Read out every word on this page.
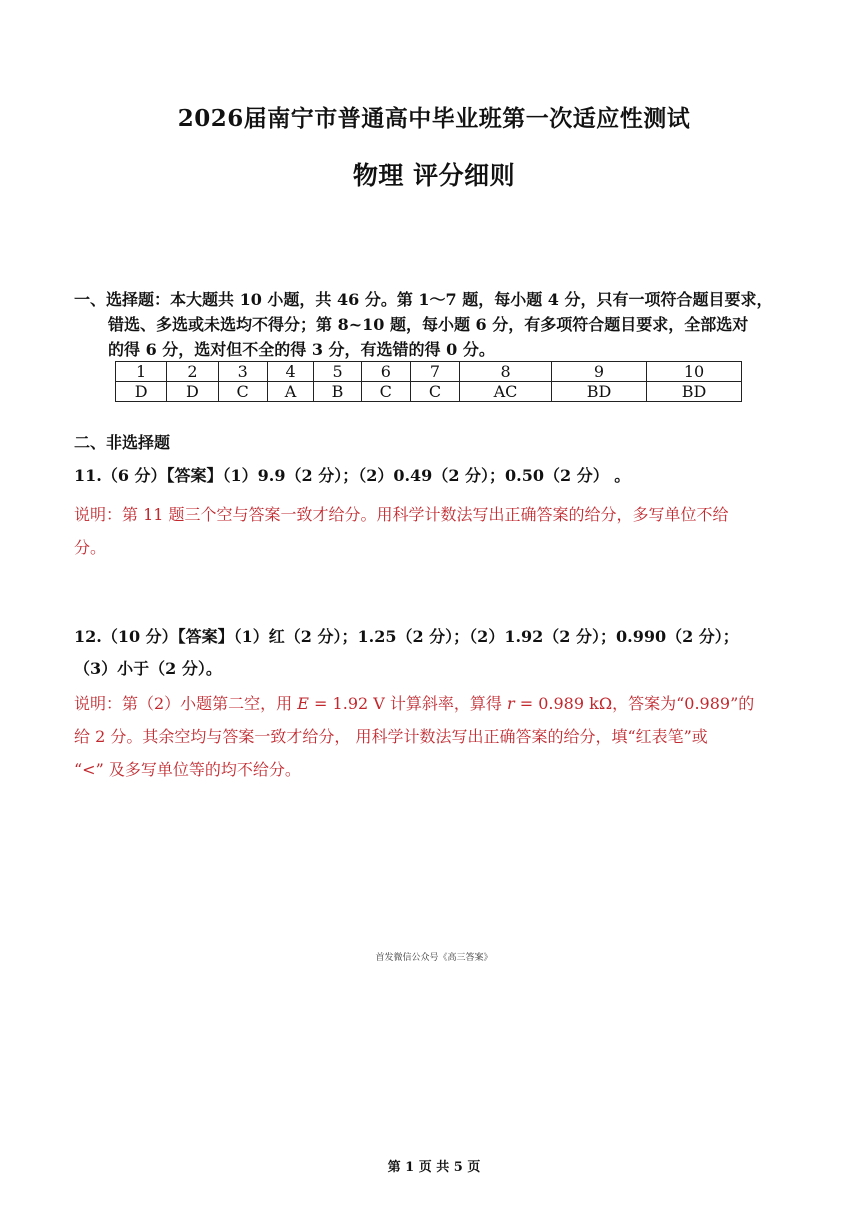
2026届南宁市普通高中毕业班第一次适应性测试
物理 评分细则
一、选择题：本大题共 10 小题，共 46 分。第 1～7 题，每小题 4 分，只有一项符合题目要求，
错选、多选或未选均不得分；第 8~10 题，每小题 6 分，有多项符合题目要求，全部选对
的得 6 分，选对但不全的得 3 分，有选错的得 0 分。
1	2	3	4	5	6	7	8	9	10
D	D	C	A	B	C	C	AC	BD	BD
二、非选择题
11.（6 分）【答案】（1）9.9（2 分）；（2）0.49（2 分）；0.50（2 分） 。
说明：第 11 题三个空与答案一致才给分。用科学计数法写出正确答案的给分，多写单位不给
分。
12.（10 分）【答案】（1）红（2 分）；1.25（2 分）；（2）1.92（2 分）；0.990（2 分）；
（3）小于（2 分）。
说明：第（2）小题第二空，用 E = 1.92 V 计算斜率，算得 r = 0.989 kΩ，答案为“0.989”的
给 2 分。其余空均与答案一致才给分， 用科学计数法写出正确答案的给分，填“红表笔”或
“<” 及多写单位等的均不给分。
首发微信公众号《高三答案》
第 1 页 共 5 页
